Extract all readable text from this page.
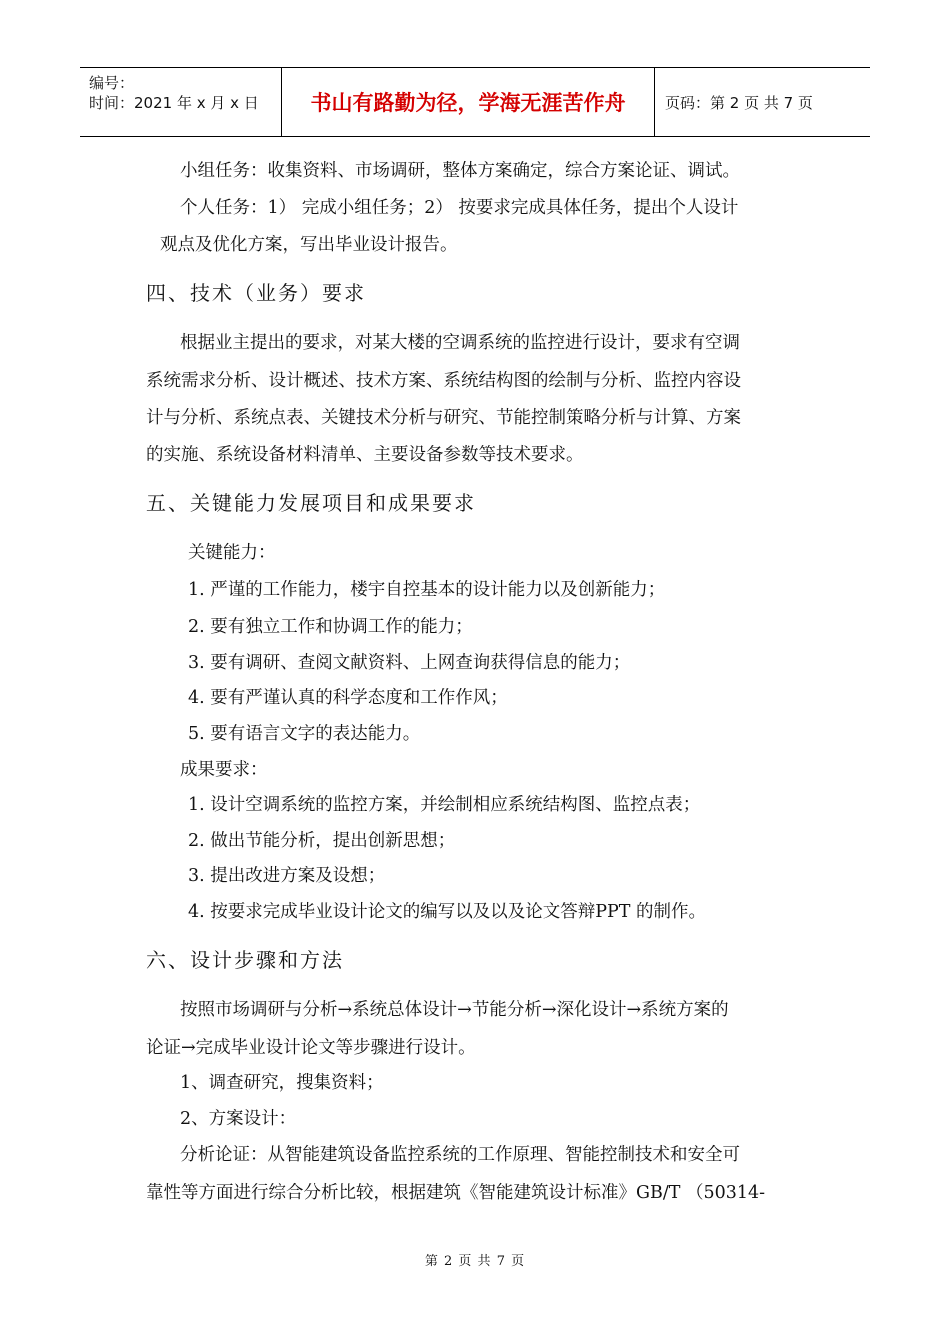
编号：
时间：2021 年 x 月 x 日	书山有路勤为径，学海无涯苦作舟	页码：第 2 页 共 7 页
小组任务：收集资料、市场调研，整体方案确定，综合方案论证、调试。
个人任务：1） 完成小组任务；2） 按要求完成具体任务，提出个人设计
观点及优化方案，写出毕业设计报告。
四、技术（业务）要求
根据业主提出的要求，对某大楼的空调系统的监控进行设计，要求有空调
系统需求分析、设计概述、技术方案、系统结构图的绘制与分析、监控内容设
计与分析、系统点表、关键技术分析与研究、节能控制策略分析与计算、方案
的实施、系统设备材料清单、主要设备参数等技术要求。
五、关键能力发展项目和成果要求
关键能力：
1. 严谨的工作能力，楼宇自控基本的设计能力以及创新能力；
2. 要有独立工作和协调工作的能力；
3. 要有调研、查阅文献资料、上网查询获得信息的能力；
4. 要有严谨认真的科学态度和工作作风；
5. 要有语言文字的表达能力。
成果要求：
1. 设计空调系统的监控方案，并绘制相应系统结构图、监控点表；
2. 做出节能分析，提出创新思想；
3. 提出改进方案及设想；
4. 按要求完成毕业设计论文的编写以及以及论文答辩PPT 的制作。
六、设计步骤和方法
按照市场调研与分析→系统总体设计→节能分析→深化设计→系统方案的
论证→完成毕业设计论文等步骤进行设计。
1、调查研究，搜集资料；
2、方案设计：
分析论证：从智能建筑设备监控系统的工作原理、智能控制技术和安全可
靠性等方面进行综合分析比较，根据建筑《智能建筑设计标准》GB/T （50314-
第 2 页 共 7 页
